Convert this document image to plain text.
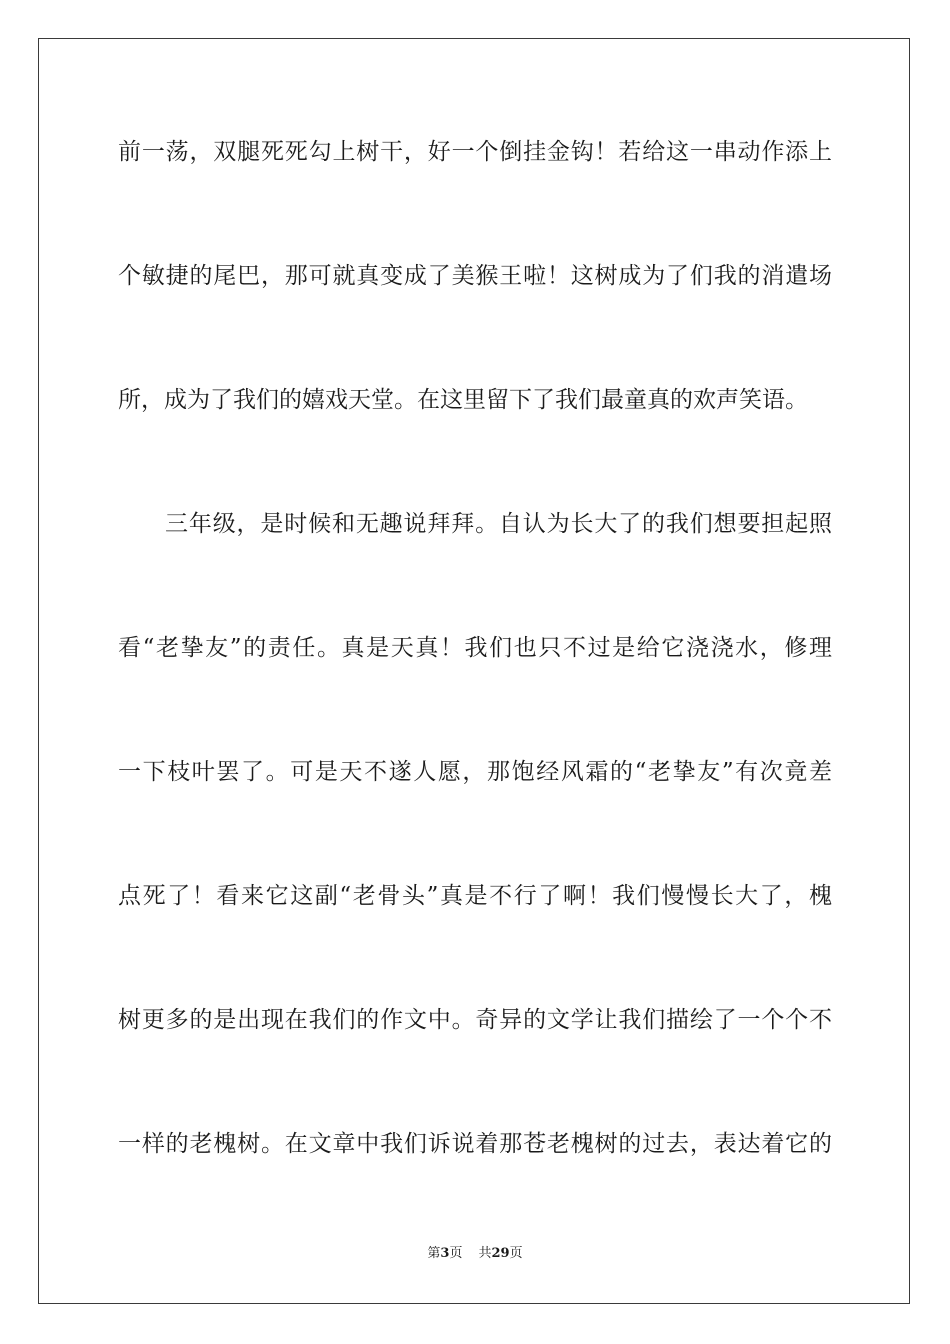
前一荡，双腿死死勾上树干，好一个倒挂金钩！若给这一串动作添上
个敏捷的尾巴，那可就真变成了美猴王啦！这树成为了们我的消遣场
所，成为了我们的嬉戏天堂。在这里留下了我们最童真的欢声笑语。
三年级，是时候和无趣说拜拜。自认为长大了的我们想要担起照
看“老挚友”的责任。真是天真！我们也只不过是给它浇浇水，修理
一下枝叶罢了。可是天不遂人愿，那饱经风霜的“老挚友”有次竟差
点死了！看来它这副“老骨头”真是不行了啊！我们慢慢长大了，槐
树更多的是出现在我们的作文中。奇异的文学让我们描绘了一个个不
一样的老槐树。在文章中我们诉说着那苍老槐树的过去，表达着它的
第3页 共29页
